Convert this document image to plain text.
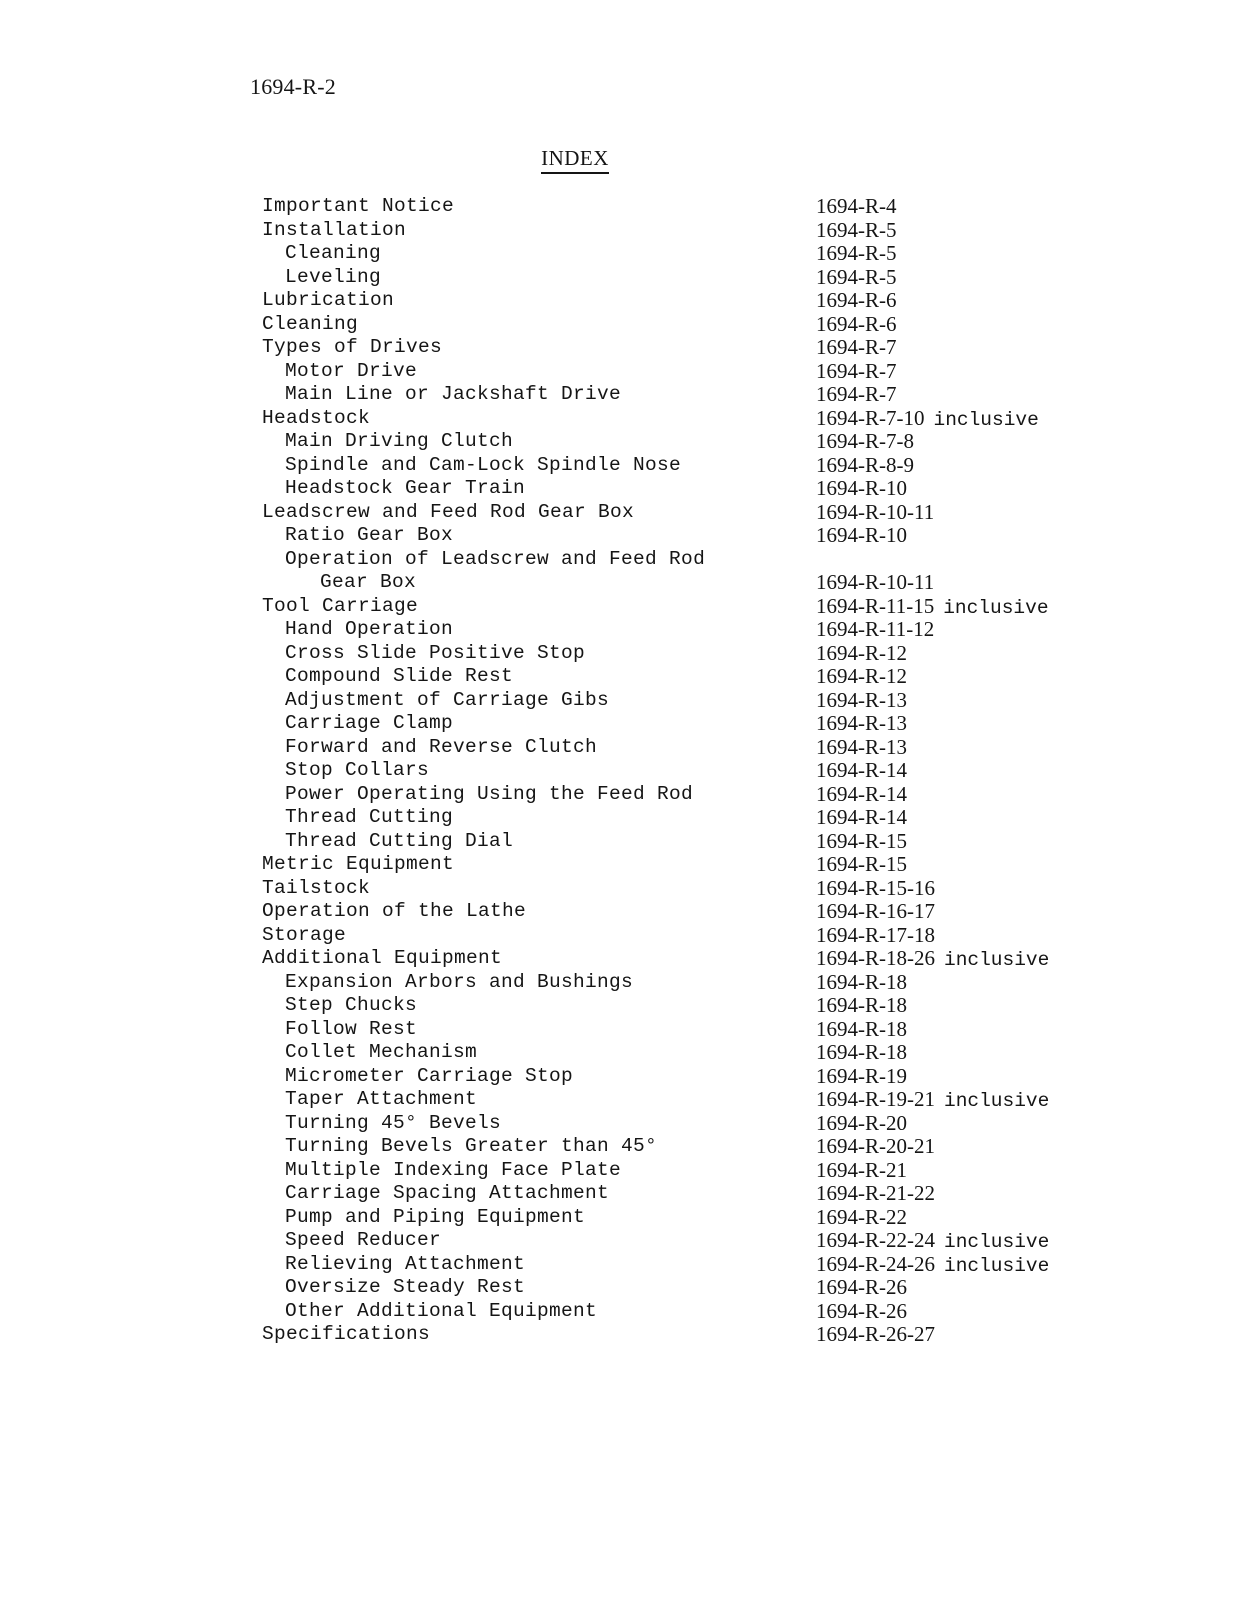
1694-R-2
INDEX
Important Notice	1694-R-4
Installation	1694-R-5
Cleaning	1694-R-5
Leveling	1694-R-5
Lubrication	1694-R-6
Cleaning	1694-R-6
Types of Drives	1694-R-7
Motor Drive	1694-R-7
Main Line or Jackshaft Drive	1694-R-7
Headstock	1694-R-7-10 inclusive
Main Driving Clutch	1694-R-7-8
Spindle and Cam-Lock Spindle Nose	1694-R-8-9
Headstock Gear Train	1694-R-10
Leadscrew and Feed Rod Gear Box	1694-R-10-11
Ratio Gear Box	1694-R-10
Operation of Leadscrew and Feed Rod
Gear Box	1694-R-10-11
Tool Carriage	1694-R-11-15 inclusive
Hand Operation	1694-R-11-12
Cross Slide Positive Stop	1694-R-12
Compound Slide Rest	1694-R-12
Adjustment of Carriage Gibs	1694-R-13
Carriage Clamp	1694-R-13
Forward and Reverse Clutch	1694-R-13
Stop Collars	1694-R-14
Power Operating Using the Feed Rod	1694-R-14
Thread Cutting	1694-R-14
Thread Cutting Dial	1694-R-15
Metric Equipment	1694-R-15
Tailstock	1694-R-15-16
Operation of the Lathe	1694-R-16-17
Storage	1694-R-17-18
Additional Equipment	1694-R-18-26 inclusive
Expansion Arbors and Bushings	1694-R-18
Step Chucks	1694-R-18
Follow Rest	1694-R-18
Collet Mechanism	1694-R-18
Micrometer Carriage Stop	1694-R-19
Taper Attachment	1694-R-19-21 inclusive
Turning 45° Bevels	1694-R-20
Turning Bevels Greater than 45°	1694-R-20-21
Multiple Indexing Face Plate	1694-R-21
Carriage Spacing Attachment	1694-R-21-22
Pump and Piping Equipment	1694-R-22
Speed Reducer	1694-R-22-24 inclusive
Relieving Attachment	1694-R-24-26 inclusive
Oversize Steady Rest	1694-R-26
Other Additional Equipment	1694-R-26
Specifications	1694-R-26-27
